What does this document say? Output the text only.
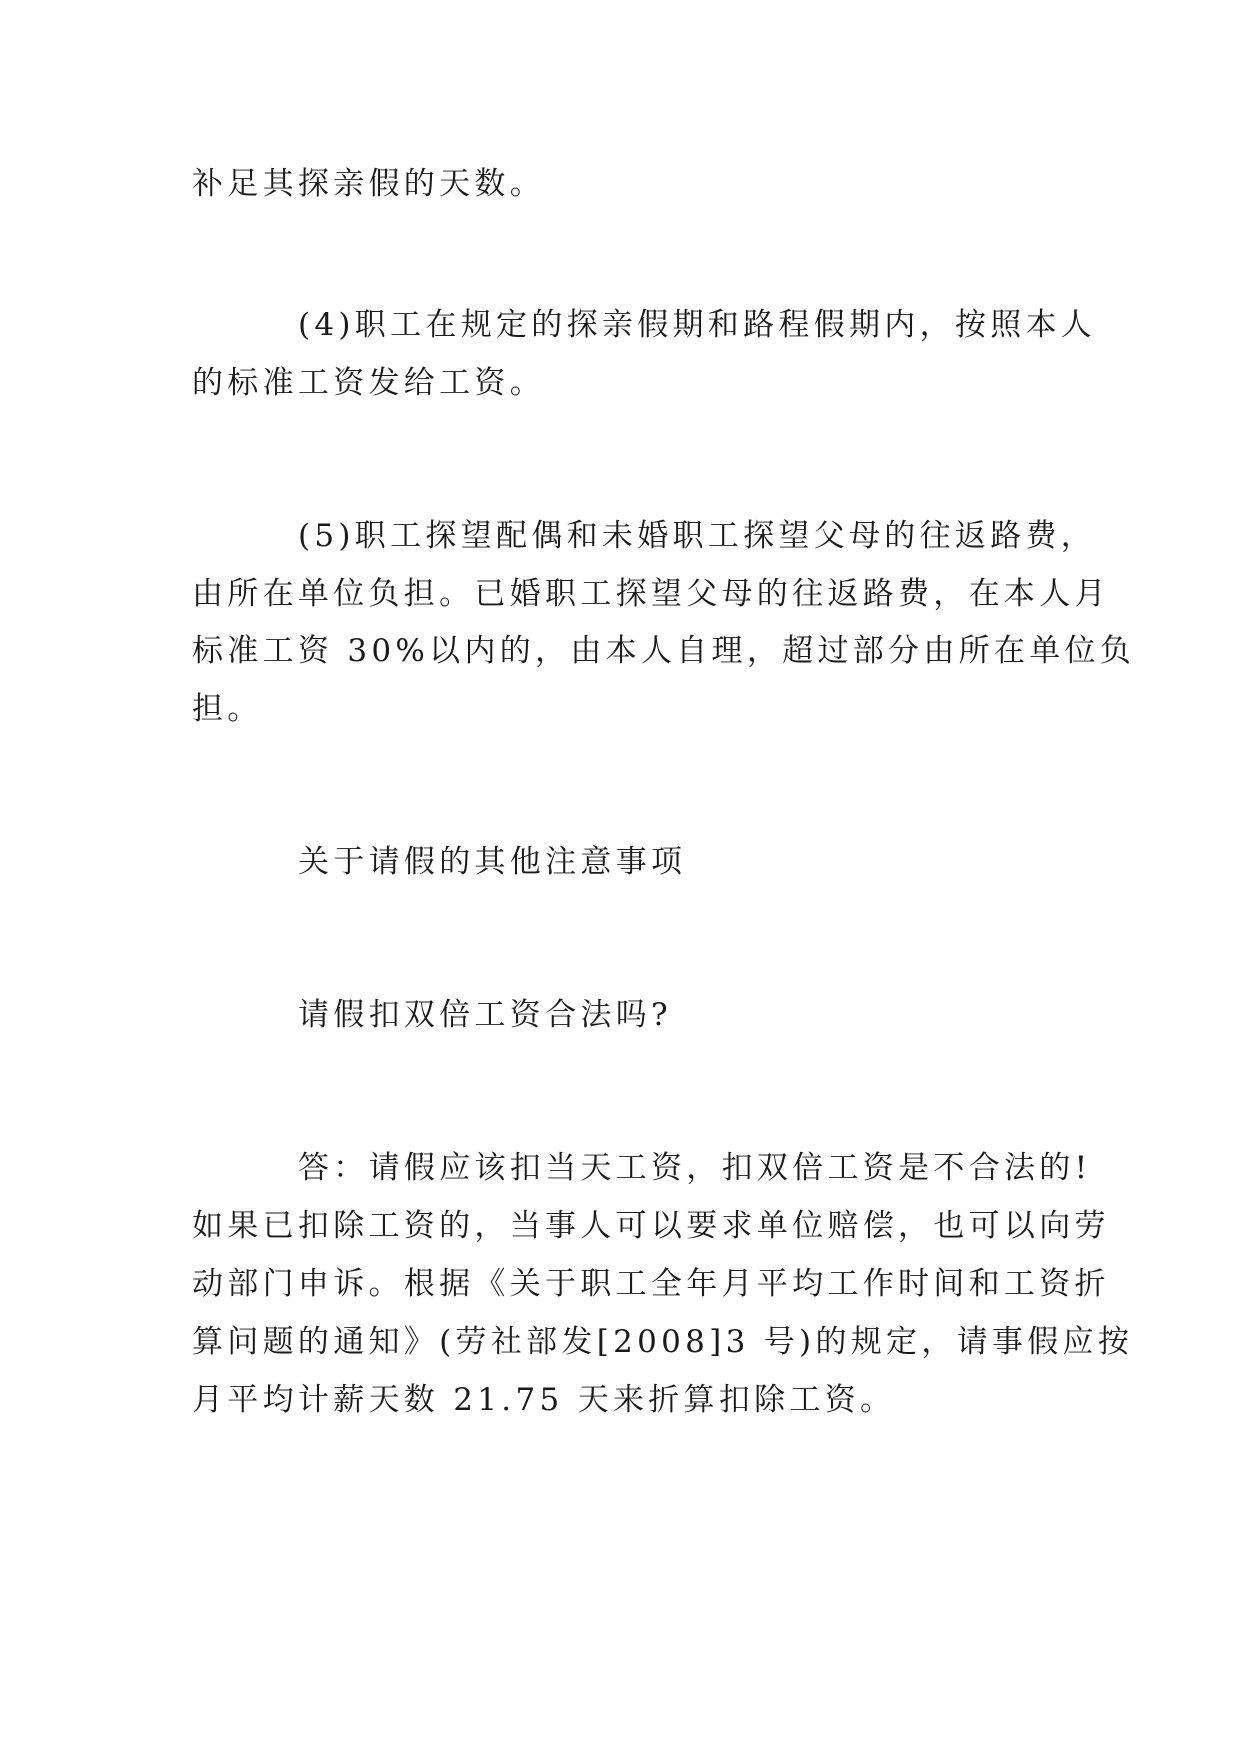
补足其探亲假的天数。
(4)职工在规定的探亲假期和路程假期内，按照本人
的标准工资发给工资。
(5)职工探望配偶和未婚职工探望父母的往返路费，
由所在单位负担。已婚职工探望父母的往返路费，在本人月
标准工资 30%以内的，由本人自理，超过部分由所在单位负
担。
关于请假的其他注意事项
请假扣双倍工资合法吗?
答：请假应该扣当天工资，扣双倍工资是不合法的!
如果已扣除工资的，当事人可以要求单位赔偿，也可以向劳
动部门申诉。根据《关于职工全年月平均工作时间和工资折
算问题的通知》(劳社部发[2008]3 号)的规定，请事假应按
月平均计薪天数 21.75 天来折算扣除工资。
